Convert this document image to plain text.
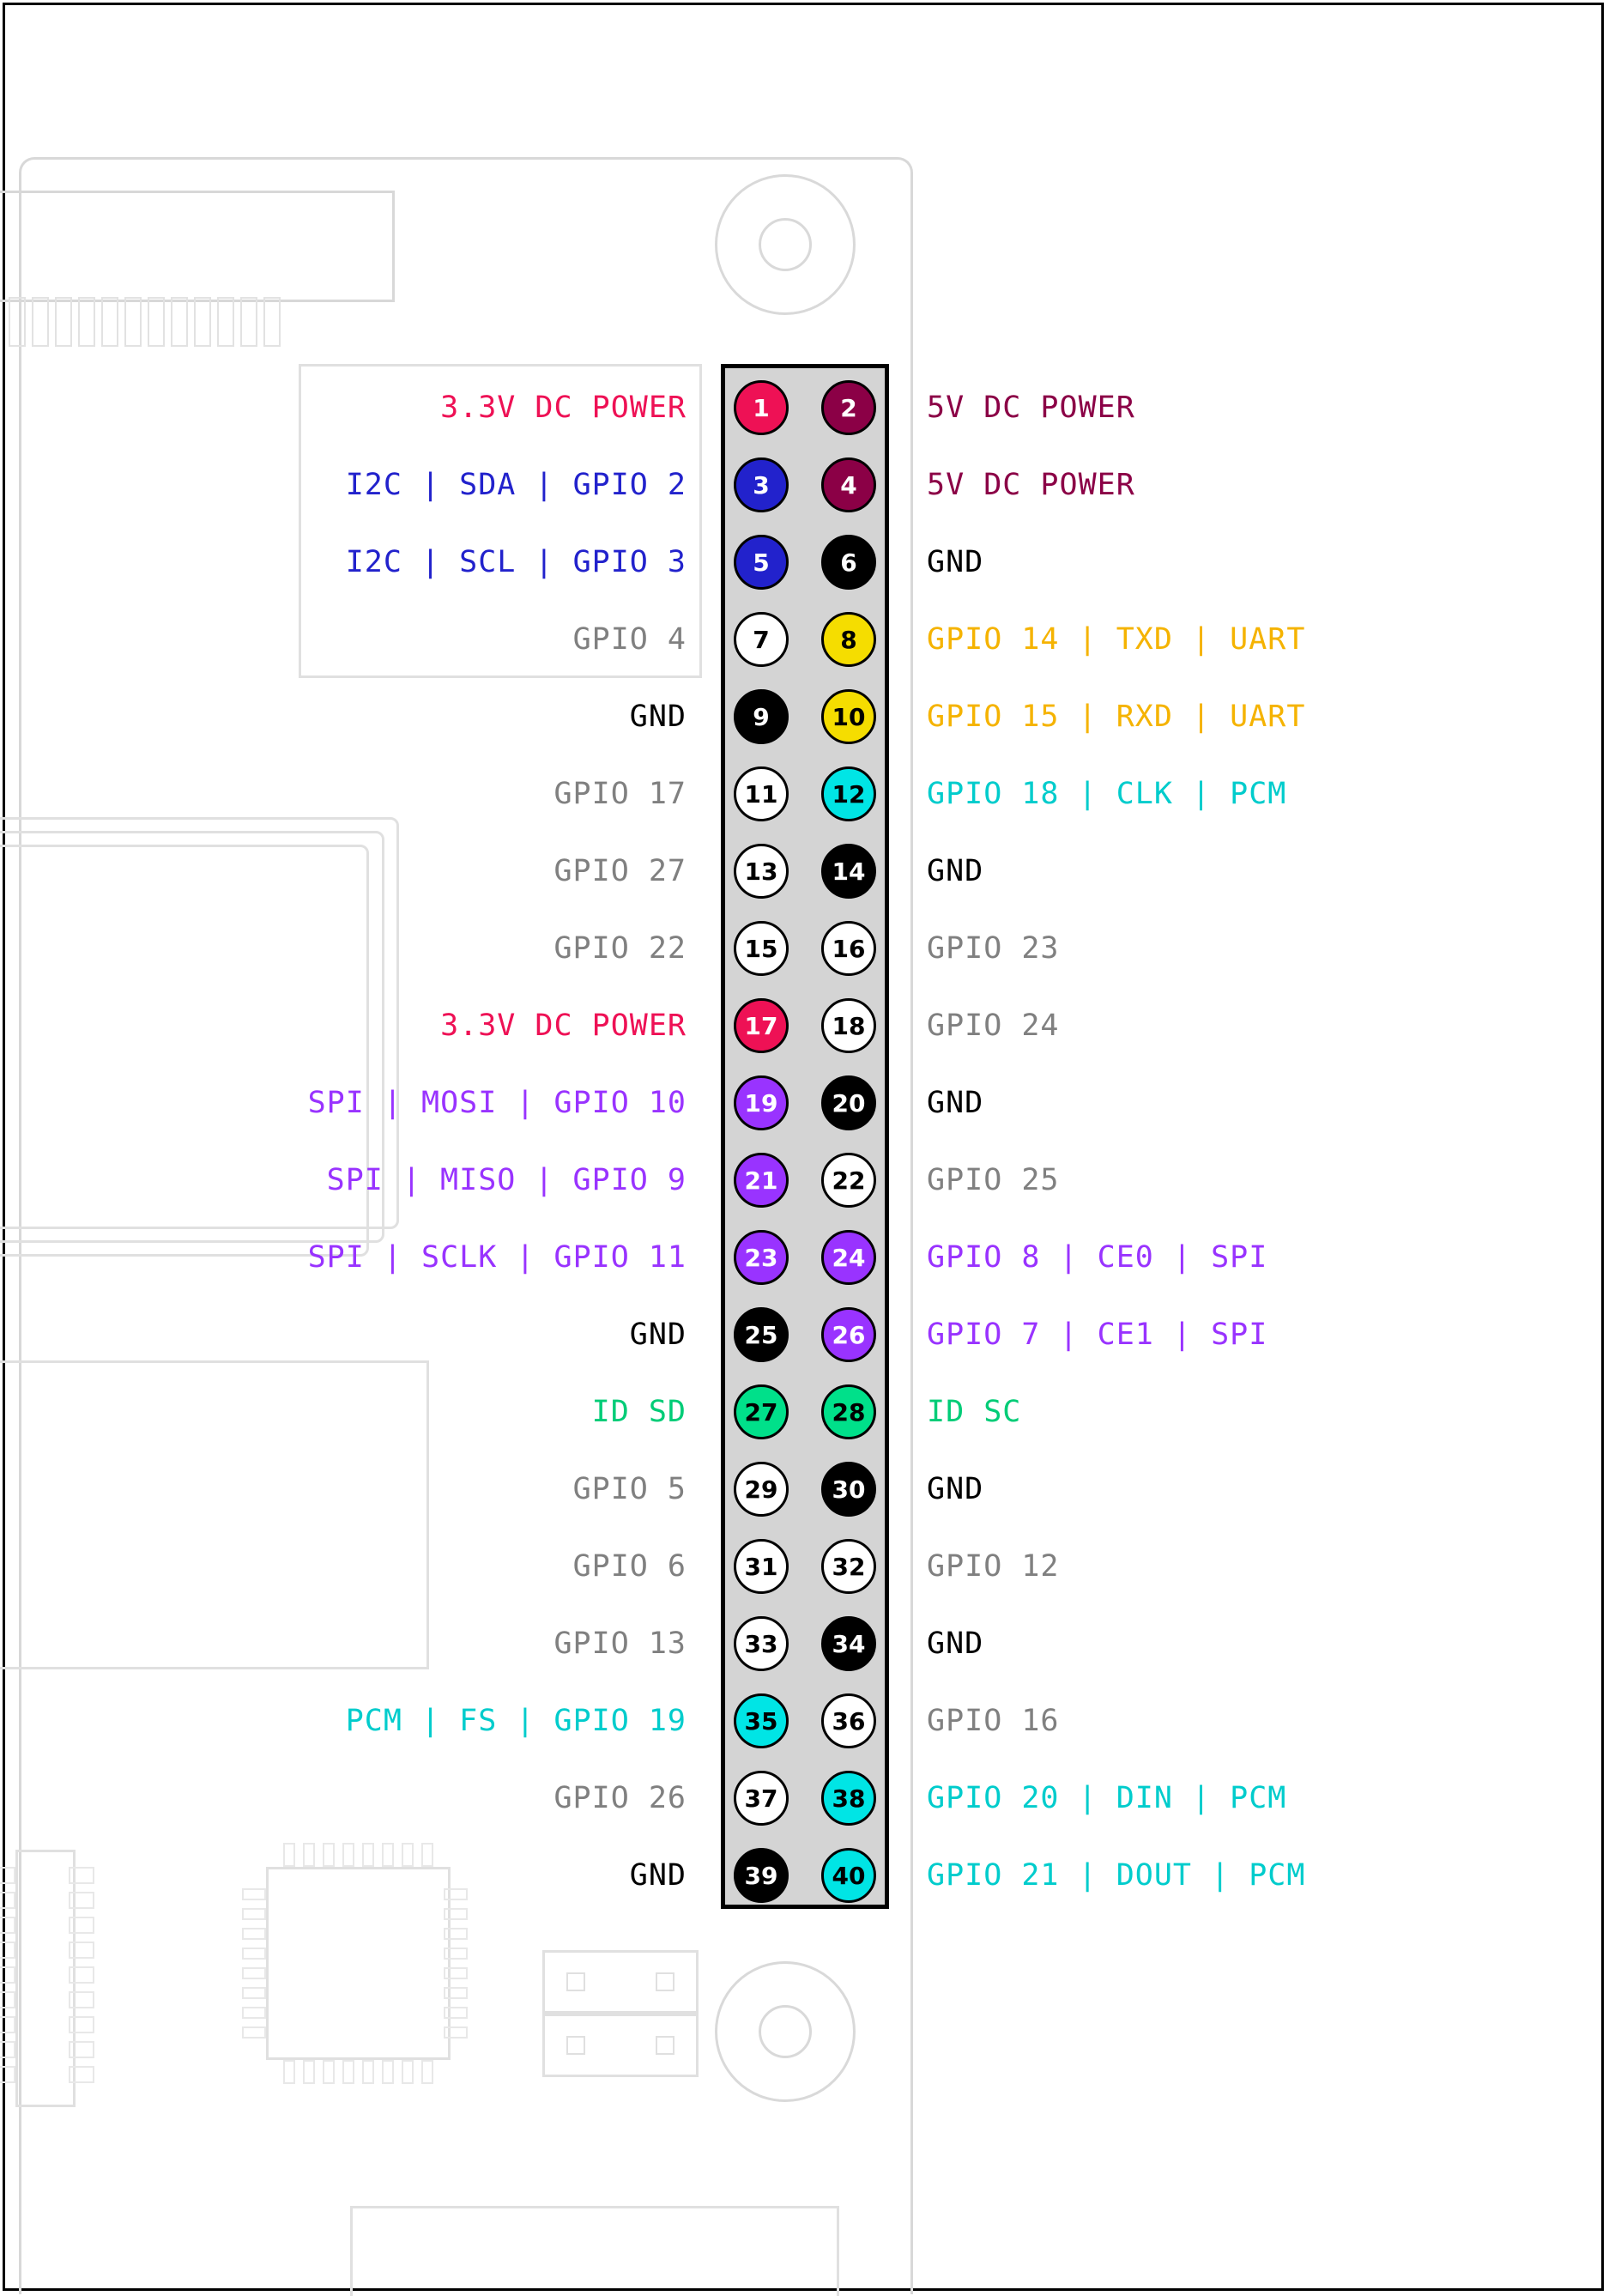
3.3V DC POWER	1	2	5V DC POWER
I2C | SDA | GPIO 2	3	4	5V DC POWER
I2C | SCL | GPIO 3	5	6	GND
GPIO 4	7	8	GPIO 14 | TXD | UART
GND	9	10	GPIO 15 | RXD | UART
GPIO 17	11	12	GPIO 18 | CLK | PCM
GPIO 27	13	14	GND
GPIO 22	15	16	GPIO 23
3.3V DC POWER	17	18	GPIO 24
SPI | MOSI | GPIO 10	19	20	GND
SPI | MISO | GPIO 9	21	22	GPIO 25
SPI | SCLK | GPIO 11	23	24	GPIO 8 | CE0 | SPI
GND	25	26	GPIO 7 | CE1 | SPI
ID SD	27	28	ID SC
GPIO 5	29	30	GND
GPIO 6	31	32	GPIO 12
GPIO 13	33	34	GND
PCM | FS | GPIO 19	35	36	GPIO 16
GPIO 26	37	38	GPIO 20 | DIN | PCM
GND	39	40	GPIO 21 | DOUT | PCM
